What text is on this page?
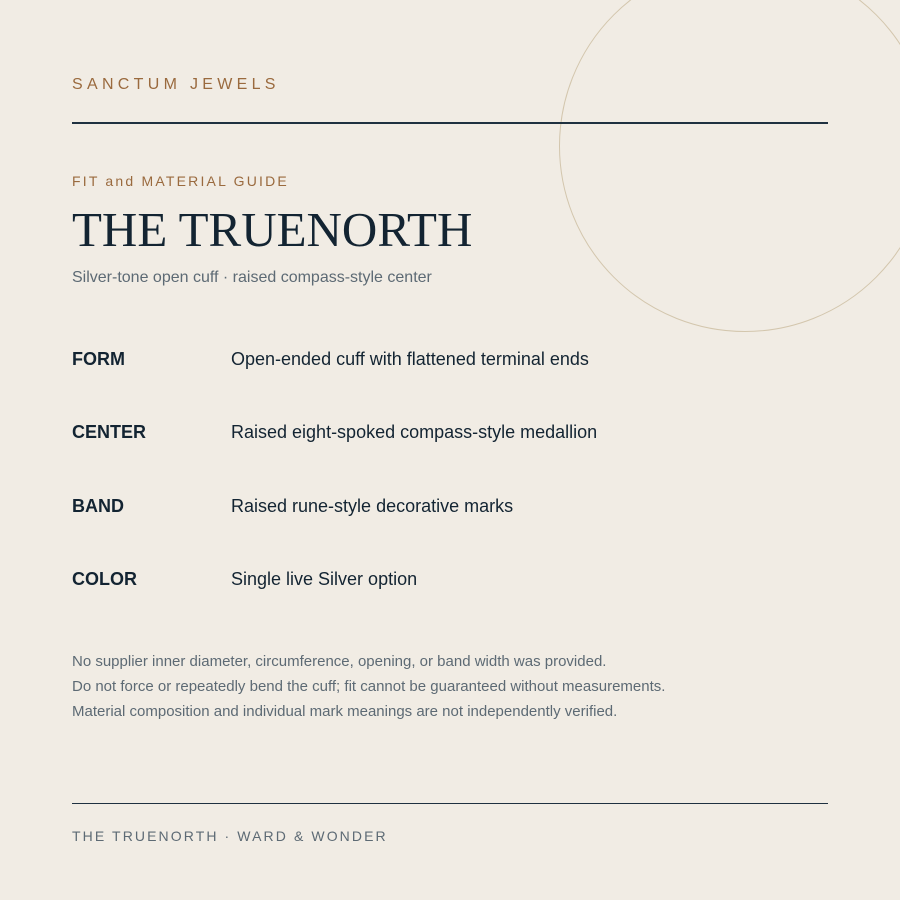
SANCTUM JEWELS
FIT and MATERIAL GUIDE
THE TRUENORTH
Silver-tone open cuff · raised compass-style center
FORM	Open-ended cuff with flattened terminal ends
CENTER	Raised eight-spoked compass-style medallion
BAND	Raised rune-style decorative marks
COLOR	Single live Silver option
No supplier inner diameter, circumference, opening, or band width was provided.
Do not force or repeatedly bend the cuff; fit cannot be guaranteed without measurements.
Material composition and individual mark meanings are not independently verified.
THE TRUENORTH · WARD & WONDER
